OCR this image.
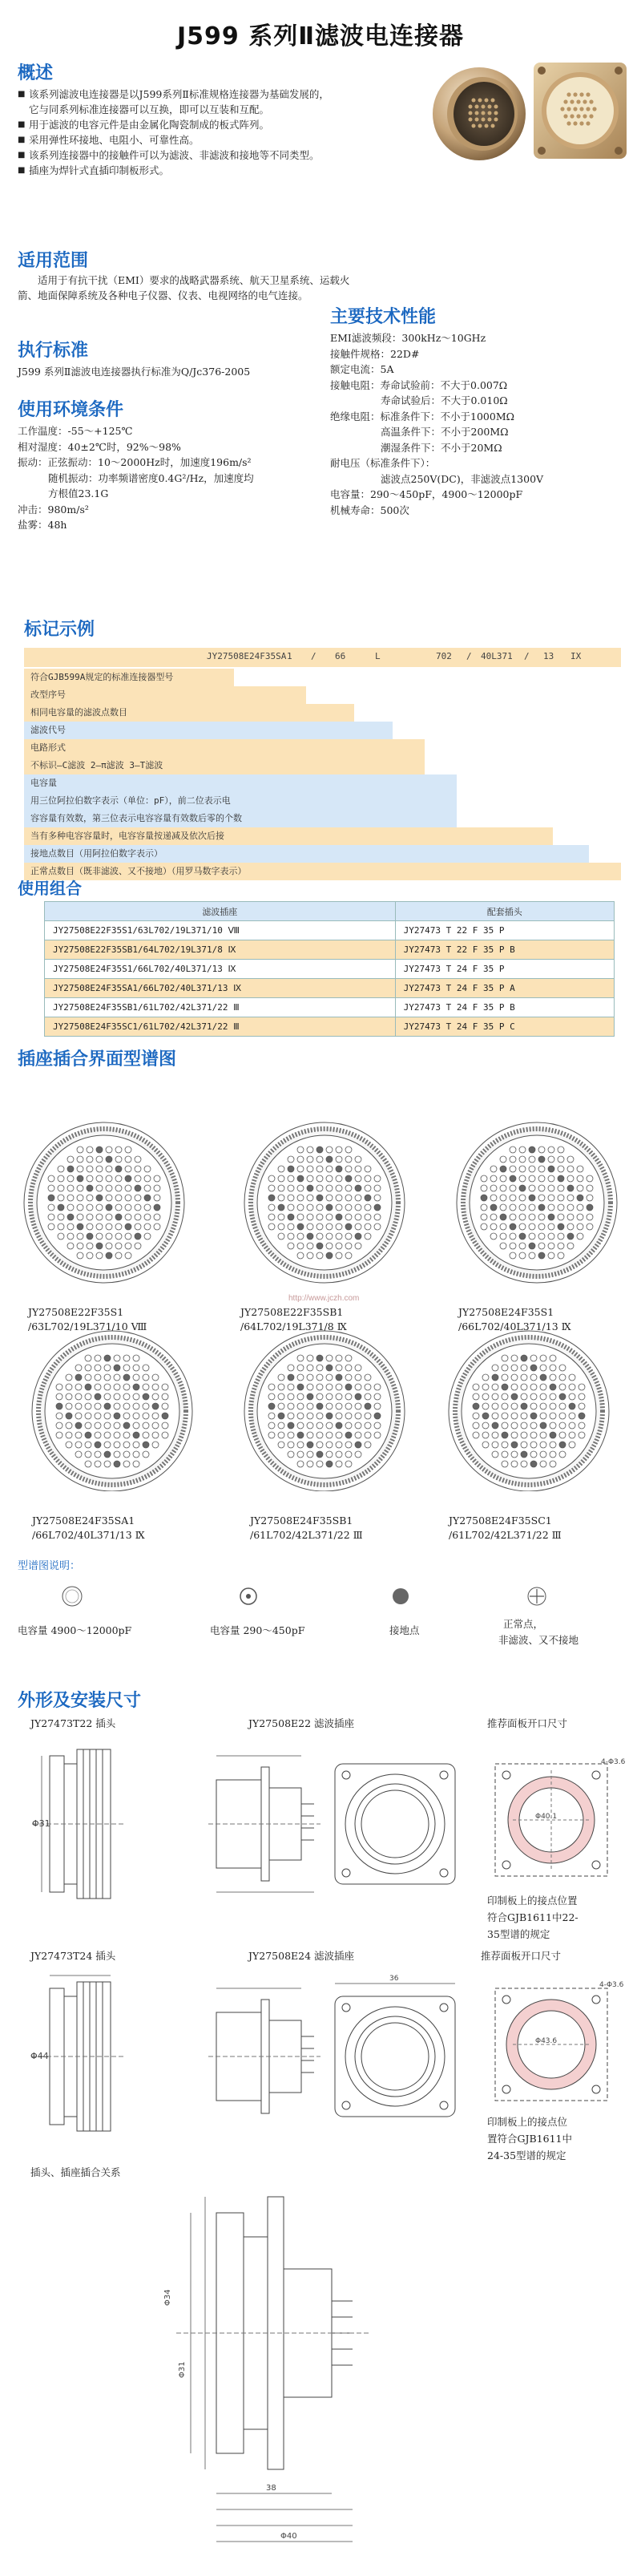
J599 系列Ⅱ滤波电连接器
概述
■ 该系列滤波电连接器是以J599系列Ⅱ标准规格连接器为基础发展的，它与同系列标准连接器可以互换，即可以互装和互配。
■ 用于滤波的电容元件是由金属化陶瓷制成的板式阵列。
■ 采用弹性环接地、电阻小、可靠性高。
■ 该系列连接器中的接触件可以为滤波、非滤波和接地等不同类型。
■ 插座为焊针式直插印制板形式。
适用范围
适用于有抗干扰（EMI）要求的战略武器系统、航天卫星系统、运载火箭、地面保障系统及各种电子仪器、仪表、电视网络的电气连接。
执行标准
J599 系列Ⅱ滤波电连接器执行标准为Q/Jc376-2005
使用环境条件
工作温度： -55～+125℃
相对湿度： 40±2℃时，92%～98%
振动： 正弦振动：10～2000Hz时，加速度196m/s²
随机振动：功率频谱密度0.4G²/Hz，加速度均
方根值23.1G
冲击： 980m/s²
盐雾： 48h
主要技术性能
EMI滤波频段： 300kHz～10GHz
接触件规格： 22D#
额定电流： 5A
接触电阻： 寿命试验前：不大于0.007Ω
寿命试验后：不大于0.010Ω
绝缘电阻： 标准条件下：不小于1000MΩ
高温条件下：不小于200MΩ
潮湿条件下：不小于20MΩ
耐电压（标准条件下）：
滤波点250V(DC)，非滤波点1300V
电容量： 290～450pF，4900～12000pF
机械寿命： 500次
标记示例
JY27508E24F35SA 1 / 66	L	702 / 40L371 / 13 IX
符合GJB599A规定的标准连接器型号
改型序号
相同电容量的滤波点数目
滤波代号
电路形式
不标识—C滤波 2—π滤波 3—T滤波
电容量
用三位阿拉伯数字表示（单位：pF），前二位表示电
容容量有效数，第三位表示电容容量有效数后零的个数
当有多种电容容量时，电容容量按递减及依次后接
接地点数目（用阿拉伯数字表示）
正常点数目（既非滤波、又不接地）（用罗马数字表示）
使用组合
滤波插座	配套插头
JY27508E22F35S1/63L702/19L371/10 Ⅷ	JY27473 T 22 F 35 P
JY27508E22F35SB1/64L702/19L371/8 Ⅸ	JY27473 T 22 F 35 P B
JY27508E24F35S1/66L702/40L371/13 Ⅸ	JY27473 T 24 F 35 P
JY27508E24F35SA1/66L702/40L371/13 Ⅸ	JY27473 T 24 F 35 P A
JY27508E24F35SB1/61L702/42L371/22 Ⅲ	JY27473 T 24 F 35 P B
JY27508E24F35SC1/61L702/42L371/22 Ⅲ	JY27473 T 24 F 35 P C
插座插合界面型谱图
JY27508E22F35S1
/63L702/19L371/10 Ⅷ
JY27508E22F35SB1
/64L702/19L371/8 Ⅸ
JY27508E24F35S1
/66L702/40L371/13 Ⅸ
http://www.jczh.com
JY27508E24F35SA1
/66L702/40L371/13 Ⅸ
JY27508E24F35SB1
/61L702/42L371/22 Ⅲ
JY27508E24F35SC1
/61L702/42L371/22 Ⅲ
型谱图说明：
电容量 4900～12000pF	电容量 290～450pF	接地点
正常点，
非滤波、又不接地
外形及安装尺寸
JY27473T22 插头	JY27508E22 滤波插座	推荐面板开口尺寸
Φ31
4-Φ3.6
Φ40.1
印制板上的接点位置
符合GJB1611中22-
35型谱的规定
JY27473T24 插头	JY27508E24 滤波插座	推荐面板开口尺寸
Φ44
36
4-Φ3.6
Φ43.6
印制板上的接点位
置符合GJB1611中
24-35型谱的规定
插头、插座插合关系
Φ34
Φ31
38
Φ40
